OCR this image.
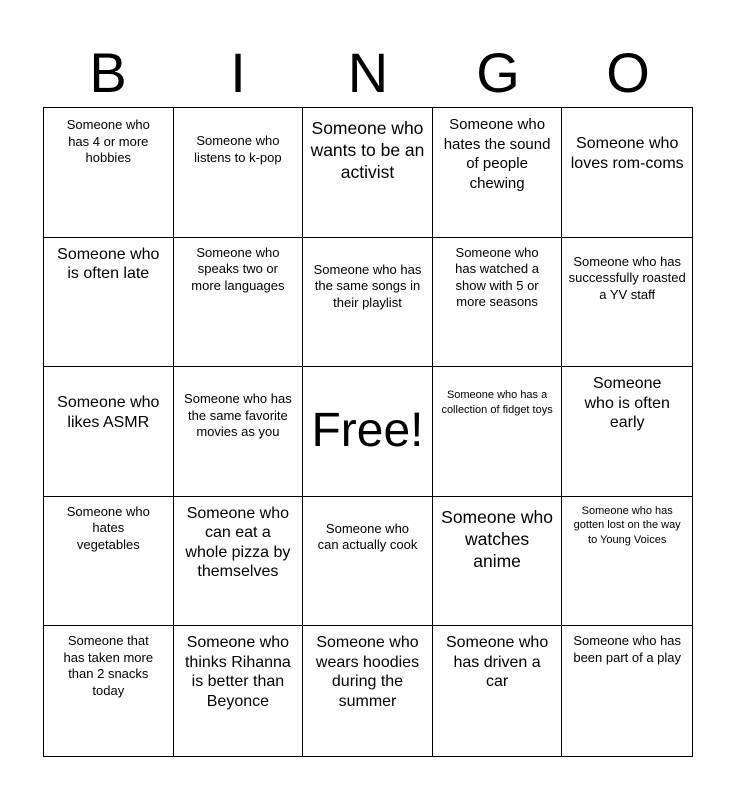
B	I	N	G	O
Someone who has 4 or more hobbies
Someone who listens to k-pop
Someone who wants to be an activist
Someone who hates the sound of people chewing
Someone who loves rom-coms
Someone who is often late
Someone who speaks two or more languages
Someone who has the same songs in their playlist
Someone who has watched a show with 5 or more seasons
Someone who has successfully roasted a YV staff
Someone who likes ASMR
Someone who has the same favorite movies as you Free!
Someone who has a collection of fidget toys
Someone who is often early
Someone who hates vegetables
Someone who can eat a whole pizza by themselves
Someone who can actually cook
Someone who watches anime
Someone who has gotten lost on the way to Young Voices
Someone that has taken more than 2 snacks today
Someone who thinks Rihanna is better than Beyonce
Someone who wears hoodies during the summer
Someone who has driven a car
Someone who has been part of a play
